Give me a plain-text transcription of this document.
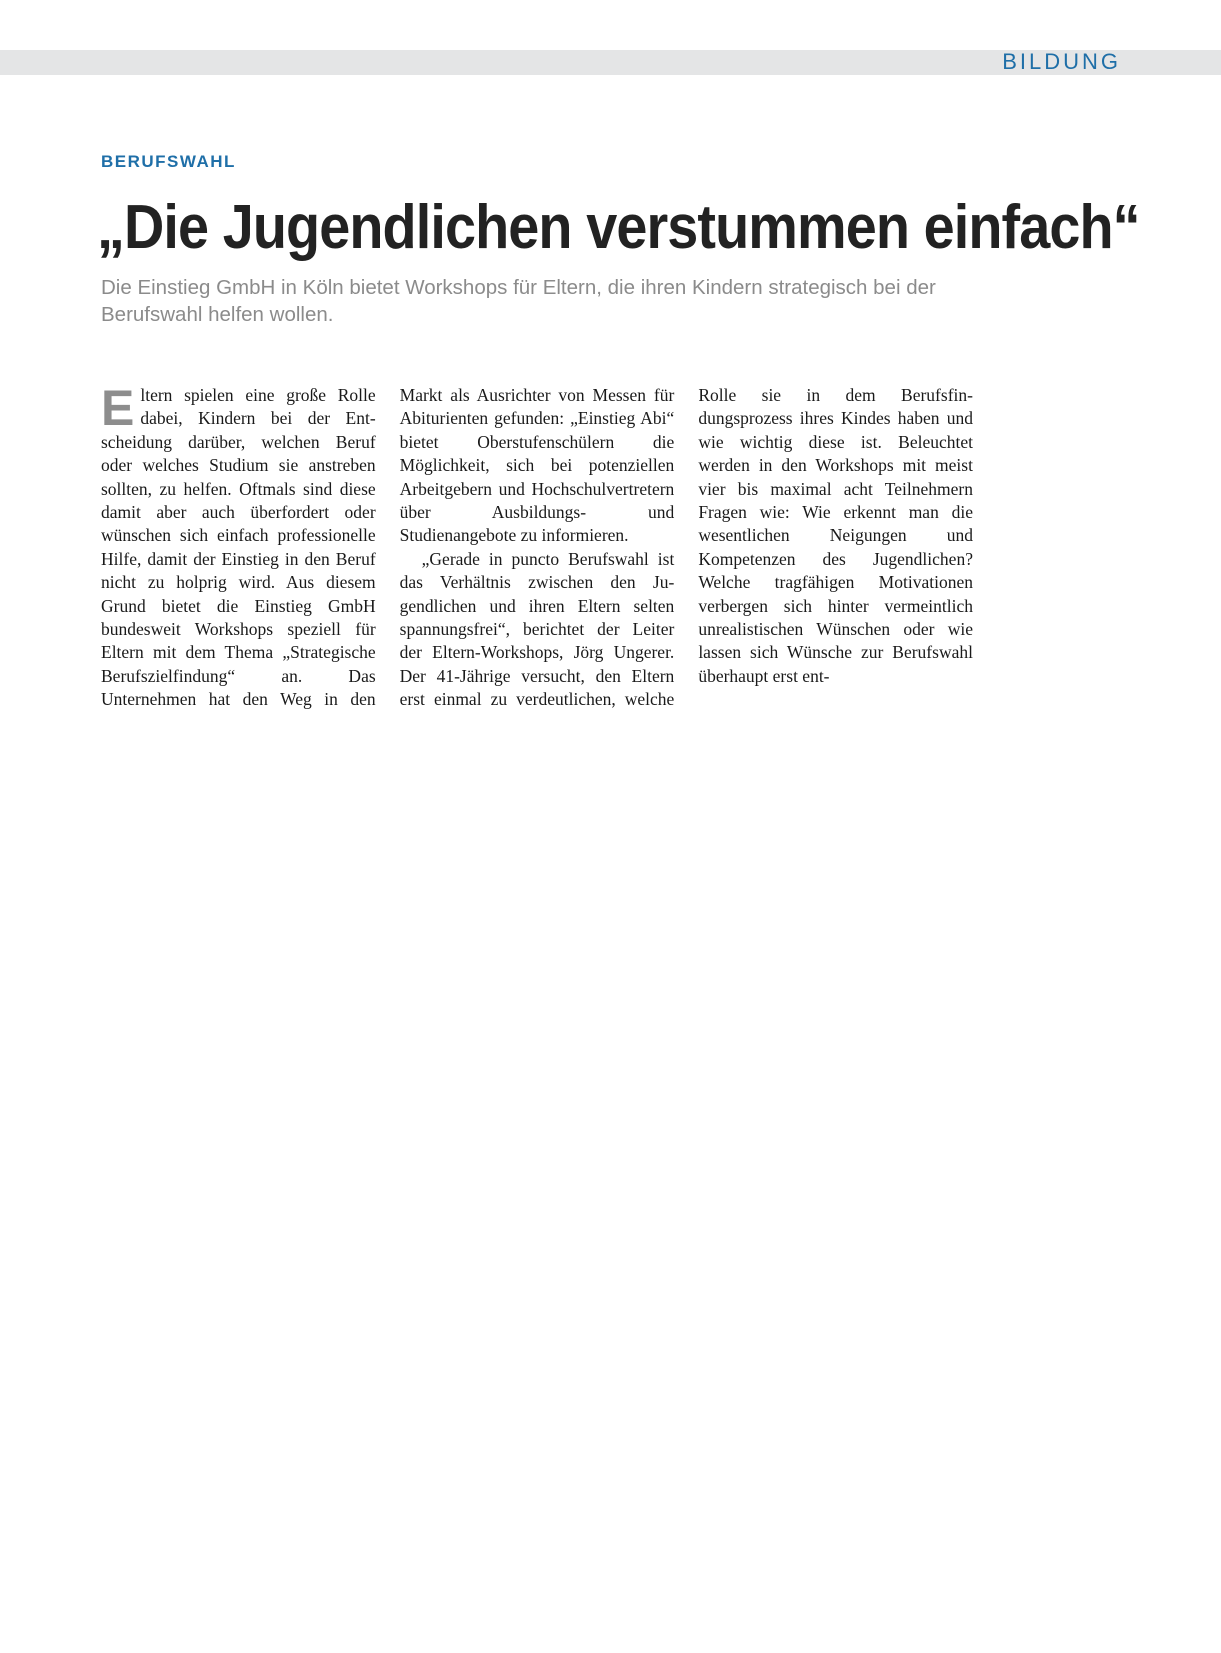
BILDUNG
BERUFSWAHL
„Die Jugendlichen verstummen einfach“

Die Einstieg GmbH in Köln bietet Workshops für Eltern, die ihren Kindern strategisch bei der Berufswahl helfen wollen.

Eltern spielen eine große Rolle dabei, Kindern bei der Entscheidung darüber, welchen Beruf oder welches Studium sie anstreben sollten, zu helfen. Oftmals sind diese damit aber auch überfordert oder wünschen sich einfach professionelle Hilfe, damit der Einstieg in den Beruf nicht zu holprig wird. Aus diesem Grund bietet die Einstieg GmbH bundesweit Workshops speziell für Eltern mit dem Thema „Strategische Berufszielfindung“ an. Das Unternehmen hat den Weg in den Markt als Ausrichter von Messen für Abiturienten gefunden: „Einstieg Abi“ bietet Oberstufenschülern die Möglichkeit, sich bei potenziellen Arbeitgebern und Hochschulvertretern über Ausbildungs- und Studienangebote zu informieren.

„Gerade in puncto Berufswahl ist das Verhältnis zwischen den Jugendlichen und ihren Eltern selten spannungsfrei“, berichtet der Leiter der Eltern-Workshops, Jörg Ungerer. Der 41-Jährige versucht, den Eltern erst einmal zu verdeutlichen, welche Rolle sie in dem Berufsfindungsprozess ihres Kindes haben und wie wichtig diese ist. Beleuchtet werden in den Workshops mit meist vier bis maximal acht Teilnehmern Fragen wie: Wie erkennt man die wesentlichen Neigungen und Kompetenzen des Jugendlichen? Welche tragfähigen Motivationen verbergen sich hinter vermeintlich unrealistischen Wünschen oder wie lassen sich Wünsche zur Berufswahl überhaupt erst ent-
